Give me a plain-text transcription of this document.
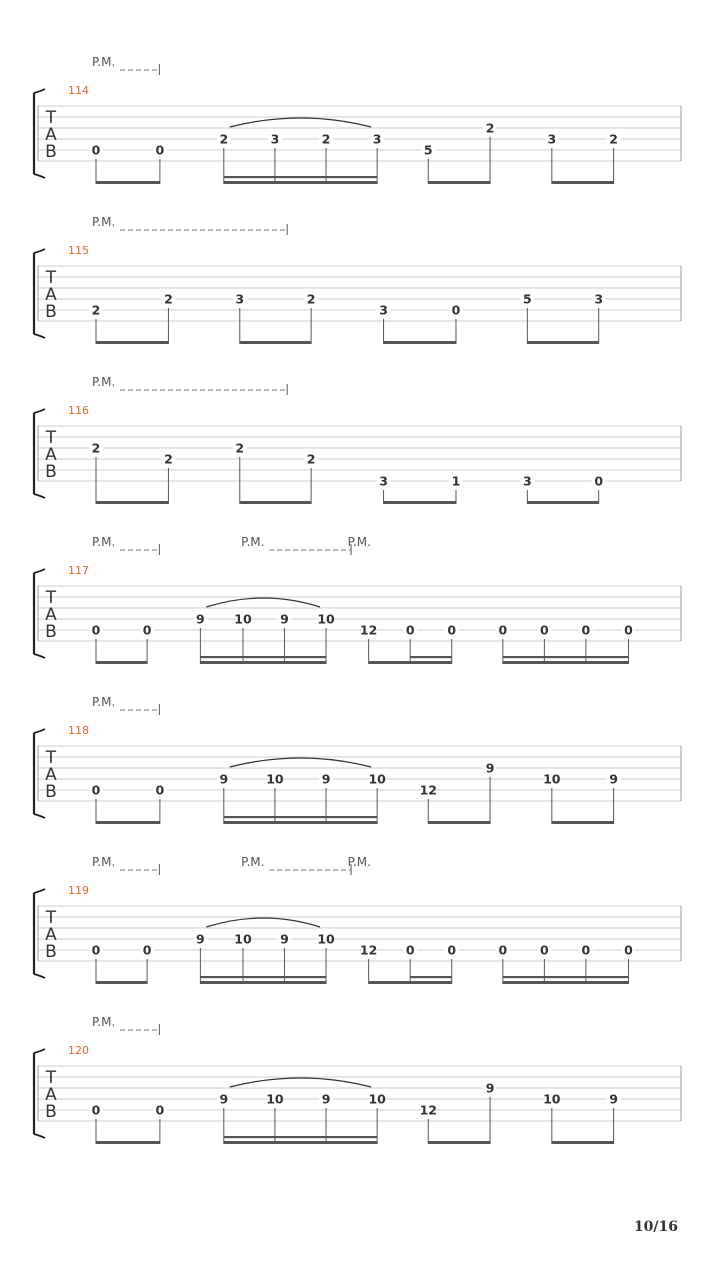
T
A
B
114
P.M.
0	0
2	3	2	3
5
2
3	2
T
A
B
115
P.M.
2
2	3	2
3	0
5	3
T
A
B
116
P.M.
2
2
2
2
3	1	3	0
T
A
B
117
P.M.	P.M.	P.M.
0	0
9 10 9 10
12 0	0	0	0	0	0
T
A
B
118
P.M.
0	0
9	10	9	10
12
9
10	9
T
A
B
119
P.M.	P.M.	P.M.
0	0
9 10 9 10
12 0	0	0	0	0	0
T
A
B
120
P.M.
0	0
9	10	9	10
12
9
10	9
10/16
